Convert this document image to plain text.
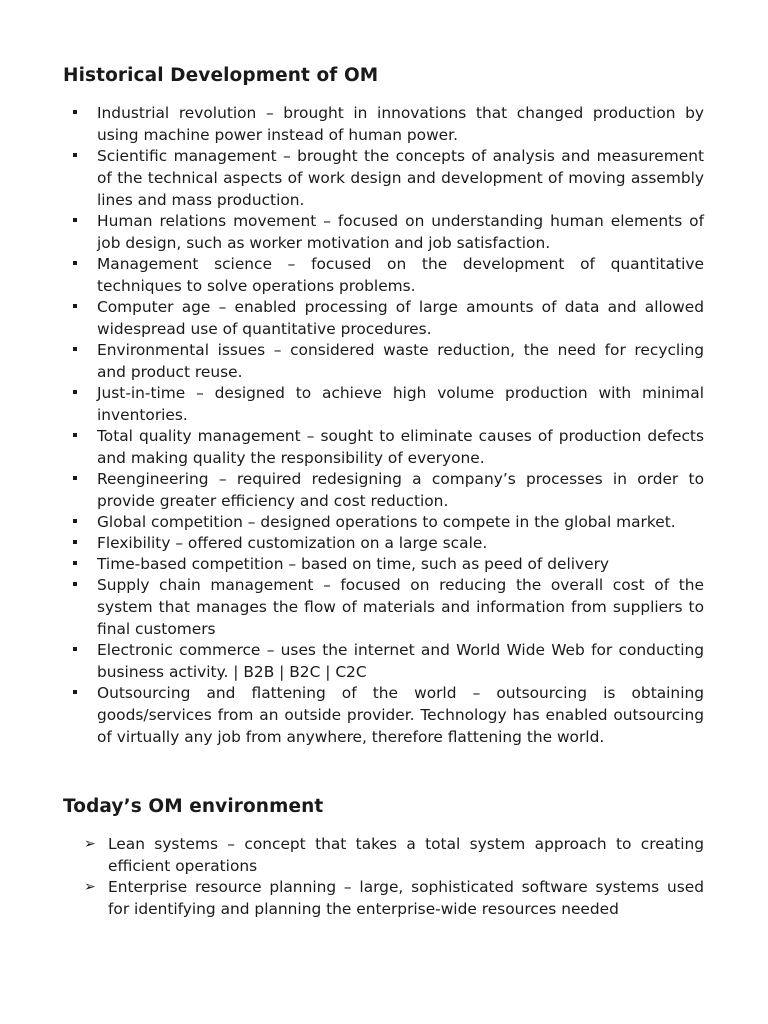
Historical Development of OM
Industrial revolution – brought in innovations that changed production by using machine power instead of human power.
Scientific management – brought the concepts of analysis and measurement of the technical aspects of work design and development of moving assembly lines and mass production.
Human relations movement – focused on understanding human elements of job design, such as worker motivation and job satisfaction.
Management science – focused on the development of quantitative techniques to solve operations problems.
Computer age – enabled processing of large amounts of data and allowed widespread use of quantitative procedures.
Environmental issues – considered waste reduction, the need for recycling and product reuse.
Just-in-time – designed to achieve high volume production with minimal inventories.
Total quality management – sought to eliminate causes of production defects and making quality the responsibility of everyone.
Reengineering – required redesigning a company’s processes in order to provide greater efficiency and cost reduction.
Global competition – designed operations to compete in the global market.
Flexibility – offered customization on a large scale.
Time-based competition – based on time, such as peed of delivery
Supply chain management – focused on reducing the overall cost of the system that manages the flow of materials and information from suppliers to final customers
Electronic commerce – uses the internet and World Wide Web for conducting business activity. | B2B | B2C | C2C
Outsourcing and flattening of the world – outsourcing is obtaining goods/services from an outside provider. Technology has enabled outsourcing of virtually any job from anywhere, therefore flattening the world.
Today’s OM environment
➢ Lean systems – concept that takes a total system approach to creating efficient operations
➢ Enterprise resource planning – large, sophisticated software systems used for identifying and planning the enterprise-wide resources needed
